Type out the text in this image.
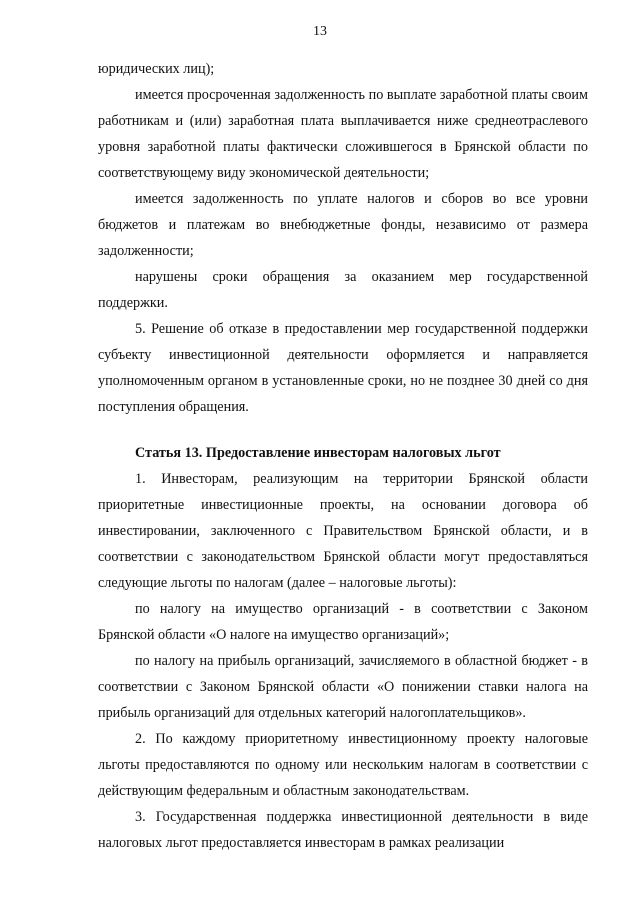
13

юридических лиц);

имеется просроченная задолженность по выплате заработной платы своим работникам и (или) заработная плата выплачивается ниже среднеотраслевого уровня заработной платы фактически сложившегося в Брянской области по соответствующему виду экономической деятельности;

имеется задолженность по уплате налогов и сборов во все уровни бюджетов и платежам во внебюджетные фонды, независимо от размера задолженности;

нарушены сроки обращения за оказанием мер государственной поддержки.

5. Решение об отказе в предоставлении мер государственной поддержки субъекту инвестиционной деятельности оформляется и направляется уполномоченным органом в установленные сроки, но не позднее 30 дней со дня поступления обращения.

Статья 13. Предоставление инвесторам налоговых льгот

1. Инвесторам, реализующим на территории Брянской области приоритетные инвестиционные проекты, на основании договора об инвестировании, заключенного с Правительством Брянской области, и в соответствии с законодательством Брянской области могут предоставляться следующие льготы по налогам (далее – налоговые льготы):

по налогу на имущество организаций - в соответствии с Законом Брянской области «О налоге на имущество организаций»;

по налогу на прибыль организаций, зачисляемого в областной бюджет - в соответствии с Законом Брянской области «О понижении ставки налога на прибыль организаций для отдельных категорий налогоплательщиков».

2. По каждому приоритетному инвестиционному проекту налоговые льготы предоставляются по одному или нескольким налогам в соответствии с действующим федеральным и областным законодательствам.

3. Государственная поддержка инвестиционной деятельности в виде налоговых льгот предоставляется инвесторам в рамках реализации
